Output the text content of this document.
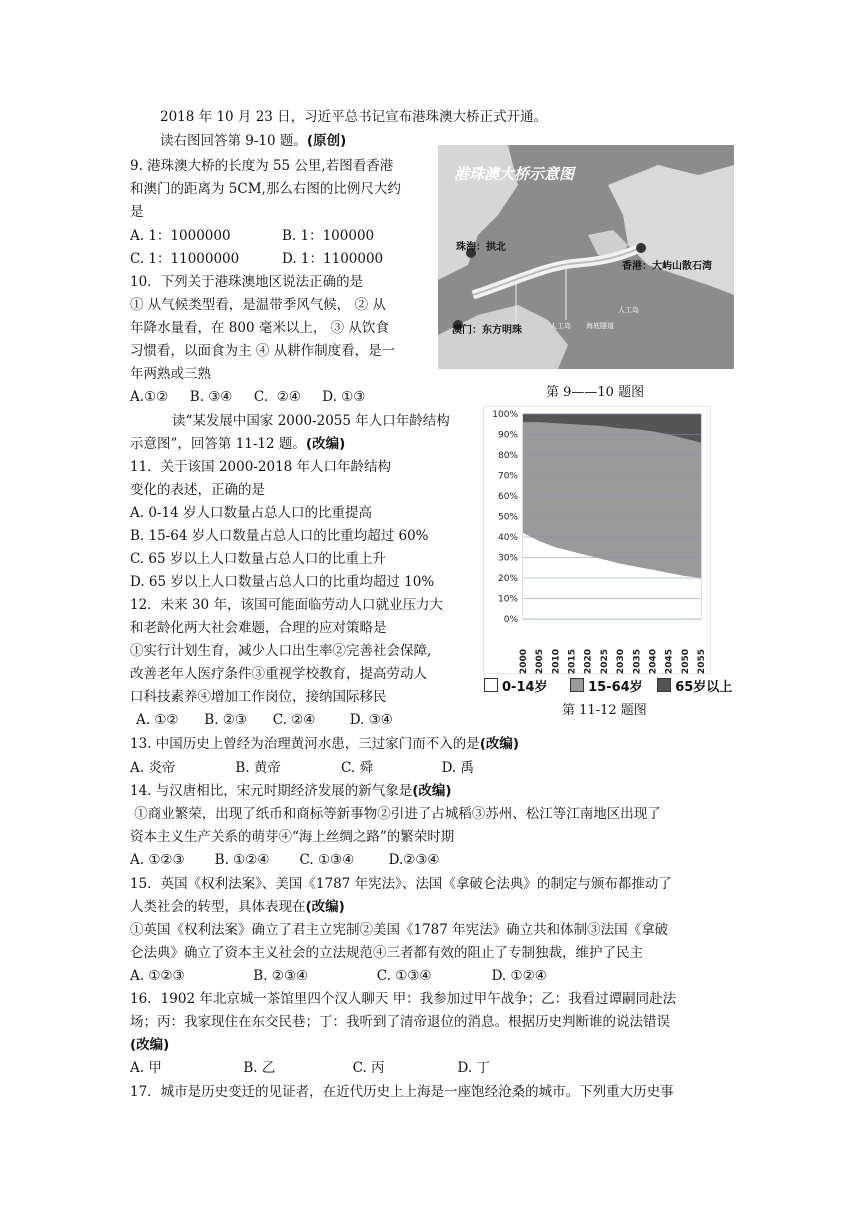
2018 年 10 月 23 日，习近平总书记宣布港珠澳大桥正式开通。
读右图回答第 9-10 题。(原创)
9. 港珠澳大桥的长度为 55 公里,若图看香港
和澳门的距离为 5CM,那么右图的比例尺大约
是
A. 1：1000000	B. 1：100000
C. 1：11000000	D. 1：1100000
10．下列关于港珠澳地区说法正确的是
① 从气候类型看，是温带季风气候， ② 从
年降水量看，在 800 毫米以上， ③ 从饮食
习惯看，以面食为主 ④ 从耕作制度看，是一
年两熟或三熟
A.①②     B. ③④     C.  ②④     D. ①③
港珠澳大桥示意图
珠海：拱北
香港：大屿山散石湾
澳门：东方明珠
人工岛
人工岛 海底隧道
第 9——10 题图
读“某发展中国家 2000-2055 年人口年龄结构
示意图”，回答第 11-12 题。(改编)
11．关于该国 2000-2018 年人口年龄结构
变化的表述，正确的是
A. 0-14 岁人口数量占总人口的比重提高
B. 15-64 岁人口数量占总人口的比重均超过 60%
C. 65 岁以上人口数量占总人口的比重上升
D. 65 岁以上人口数量占总人口的比重均超过 10%
12．未来 30 年，该国可能面临劳动人口就业压力大
和老龄化两大社会难题，合理的应对策略是
①实行计划生育，减少人口出生率②完善社会保障,
改善老年人医疗条件③重视学校教育，提高劳动人
口科技素养④增加工作岗位，接纳国际移民
A. ①②      B. ②③      C. ②④        D. ③④
0%
10%
20%
30%
40%
50%
60%
70%
80%
90%
100%
2000 2005 2010 2015 2020 2025 2030 2035 2040 2045 2050 2055
0-14岁	15-64岁	65岁以上
第 11-12 题图
13. 中国历史上曾经为治理黄河水患，三过家门而不入的是(改编)
A. 炎帝              B. 黄帝              C. 舜                D. 禹
14. 与汉唐相比，宋元时期经济发展的新气象是(改编)
①商业繁荣，出现了纸币和商标等新事物②引进了占城稻③苏州、松江等江南地区出现了
资本主义生产关系的萌芽④“海上丝绸之路”的繁荣时期
A. ①②③       B. ①②④       C. ①③④        D.②③④
15．英国《权利法案》、美国《1787 年宪法》、法国《拿破仑法典》的制定与颁布都推动了
人类社会的转型，具体表现在(改编)
①英国《权利法案》确立了君主立宪制②美国《1787 年宪法》确立共和体制③法国《拿破
仑法典》确立了资本主义社会的立法规范④三者都有效的阻止了专制独裁，维护了民主
A. ①②③                B. ②③④                C. ①③④              D. ①②④
16．1902 年北京城一茶馆里四个汉人聊天 甲：我参加过甲午战争；乙：我看过谭嗣同赴法
场；丙：我家现住在东交民巷；丁：我听到了清帝退位的消息。根据历史判断谁的说法错误
(改编)
A. 甲                   B. 乙                  C. 丙                 D. 丁
17．城市是历史变迁的见证者，在近代历史上上海是一座饱经沧桑的城市。下列重大历史事
